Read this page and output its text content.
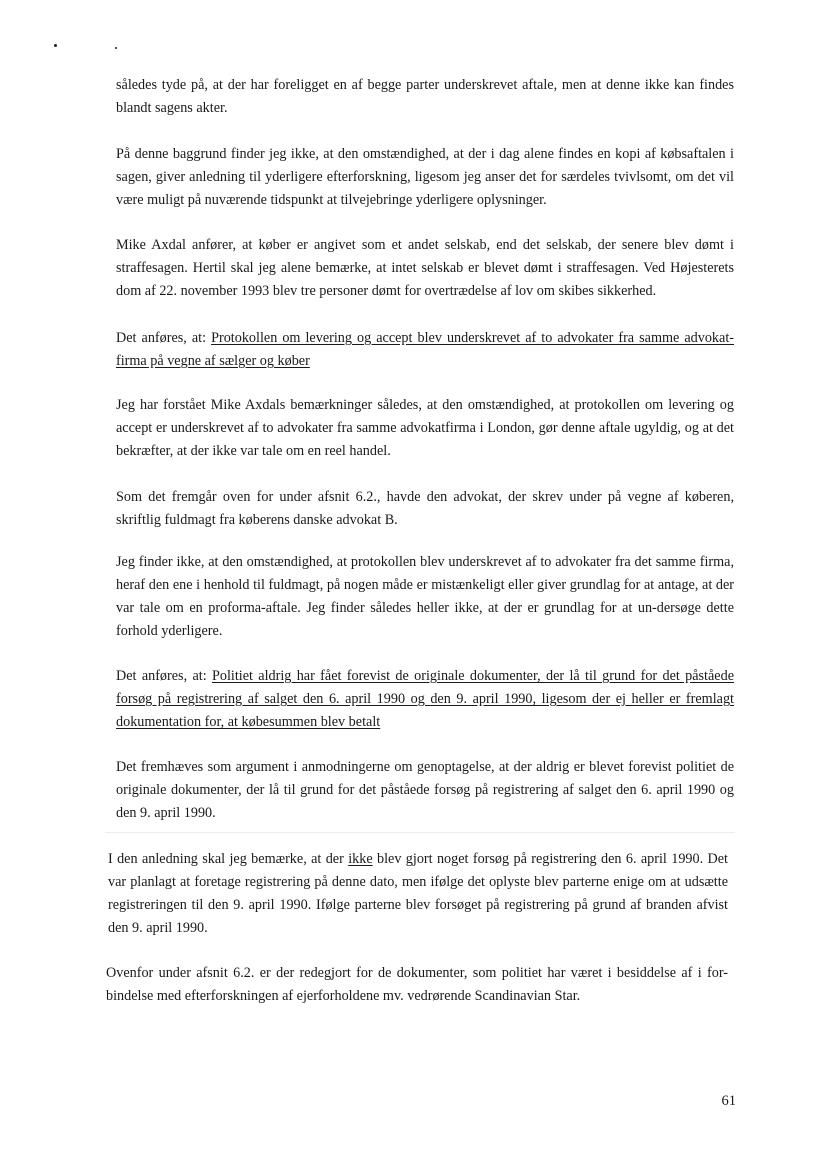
således tyde på, at der har foreligget en af begge parter underskrevet aftale, men at denne ikke kan findes blandt sagens akter.

På denne baggrund finder jeg ikke, at den omstændighed, at der i dag alene findes en kopi af købsaftalen i sagen, giver anledning til yderligere efterforskning, ligesom jeg anser det for særdeles tvivlsomt, om det vil være muligt på nuværende tidspunkt at tilvejebringe yderligere oplysninger.

Mike Axdal anfører, at køber er angivet som et andet selskab, end det selskab, der senere blev dømt i straffesagen. Hertil skal jeg alene bemærke, at intet selskab er blevet dømt i straffesagen. Ved Højesterets dom af 22. november 1993 blev tre personer dømt for overtrædelse af lov om skibes sikkerhed.

Det anføres, at: Protokollen om levering og accept blev underskrevet af to advokater fra samme advokat-firma på vegne af sælger og køber

Jeg har forstået Mike Axdals bemærkninger således, at den omstændighed, at protokollen om levering og accept er underskrevet af to advokater fra samme advokatfirma i London, gør denne aftale ugyldig, og at det bekræfter, at der ikke var tale om en reel handel.

Som det fremgår oven for under afsnit 6.2., havde den advokat, der skrev under på vegne af køberen, skriftlig fuldmagt fra køberens danske advokat B.

Jeg finder ikke, at den omstændighed, at protokollen blev underskrevet af to advokater fra det samme firma, heraf den ene i henhold til fuldmagt, på nogen måde er mistænkeligt eller giver grundlag for at antage, at der var tale om en proforma-aftale. Jeg finder således heller ikke, at der er grundlag for at un-dersøge dette forhold yderligere.

Det anføres, at: Politiet aldrig har fået forevist de originale dokumenter, der lå til grund for det påståede forsøg på registrering af salget den 6. april 1990 og den 9. april 1990, ligesom der ej heller er fremlagt dokumentation for, at købesummen blev betalt

Det fremhæves som argument i anmodningerne om genoptagelse, at der aldrig er blevet forevist politiet de originale dokumenter, der lå til grund for det påståede forsøg på registrering af salget den 6. april 1990 og den 9. april 1990.

I den anledning skal jeg bemærke, at der ikke blev gjort noget forsøg på registrering den 6. april 1990. Det var planlagt at foretage registrering på denne dato, men ifølge det oplyste blev parterne enige om at udsætte registreringen til den 9. april 1990. Ifølge parterne blev forsøget på registrering på grund af branden afvist den 9. april 1990.

Ovenfor under afsnit 6.2. er der redegjort for de dokumenter, som politiet har været i besiddelse af i for-bindelse med efterforskningen af ejerforholdene mv. vedrørende Scandinavian Star.

61
